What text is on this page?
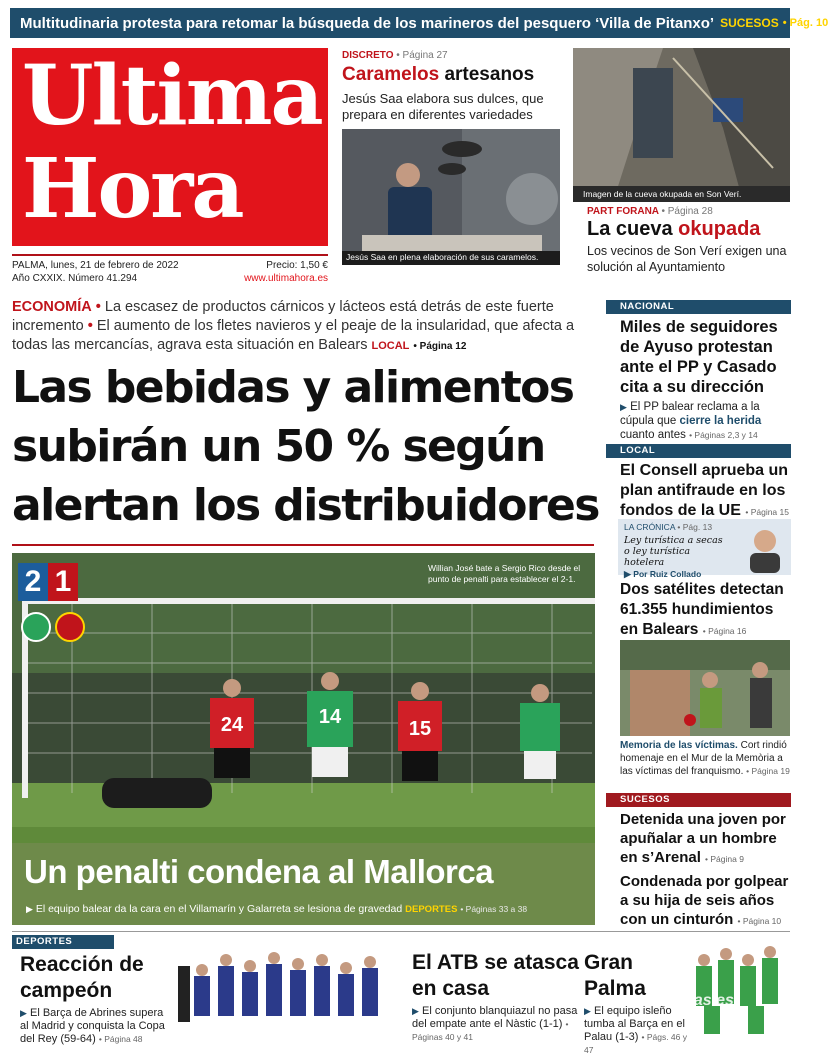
Multitudinaria protesta para retomar la búsqueda de los marineros del pesquero ‘Villa de Pitanxo’ SUCESOS • Pág. 10
Ultima
Hora
PALMA, lunes, 21 de febrero de 2022	Precio: 1,50 €
Año CXXIX. Número 41.294	www.ultimahora.es
DISCRETO • Página 27
Caramelos artesanos
Jesús Saa elabora sus dulces, que prepara en diferentes variedades
Jesús Saa en plena elaboración de sus caramelos.
Imagen de la cueva okupada en Son Verí.
PART FORANA • Página 28
La cueva okupada
Los vecinos de Son Verí exigen una solución al Ayuntamiento
ECONOMÍA • La escasez de productos cárnicos y lácteos está detrás de este fuerte incremento • El aumento de los fletes navieros y el peaje de la insularidad, que afecta a todas las mercancías, agrava esta situación en Balears LOCAL • Página 12
Las bebidas y alimentos
subirán un 50 % según
alertan los distribuidores
24	14
15
2 1	Willian José bate a Sergio Rico desde el punto de penalti para establecer el 2-1.
Un penalti condena al Mallorca
▶ El equipo balear da la cara en el Villamarín y Galarreta se lesiona de gravedad DEPORTES • Páginas 33 a 38
NACIONAL
Miles de seguidores de Ayuso protestan ante el PP y Casado cita a su dirección
▶ El PP balear reclama a la cúpula que cierre la herida cuanto antes • Páginas 2,3 y 14
LOCAL
El Consell aprueba un plan antifraude en los fondos de la UE • Página 15
LA CRÓNICA • Pág. 13
Ley turística a secas o ley turística hotelera
▶ Por Ruiz Collado
Dos satélites detectan 61.355 hundimientos en Balears • Página 16
Memoria de las víctimas. Cort rindió homenaje en el Mur de la Memòria a las víctimas del franquismo. • Página 19
SUCESOS
Detenida una joven por apuñalar a un hombre en s’Arenal • Página 9
Condenada por golpear a su hija de seis años con un cinturón • Página 10
DEPORTES
Reacción de campeón
▶ El Barça de Abrines supera al Madrid y conquista la Copa del Rey (59-64) • Página 48
El ATB se atasca en casa
▶ El conjunto blanquiazul no pasa del empate ante el Nàstic (1-1) • Páginas 40 y 41
Gran Palma
▶ El equipo isleño tumba al Barça en el Palau (1-3) • Págs. 46 y 47
VerPortadas.es
